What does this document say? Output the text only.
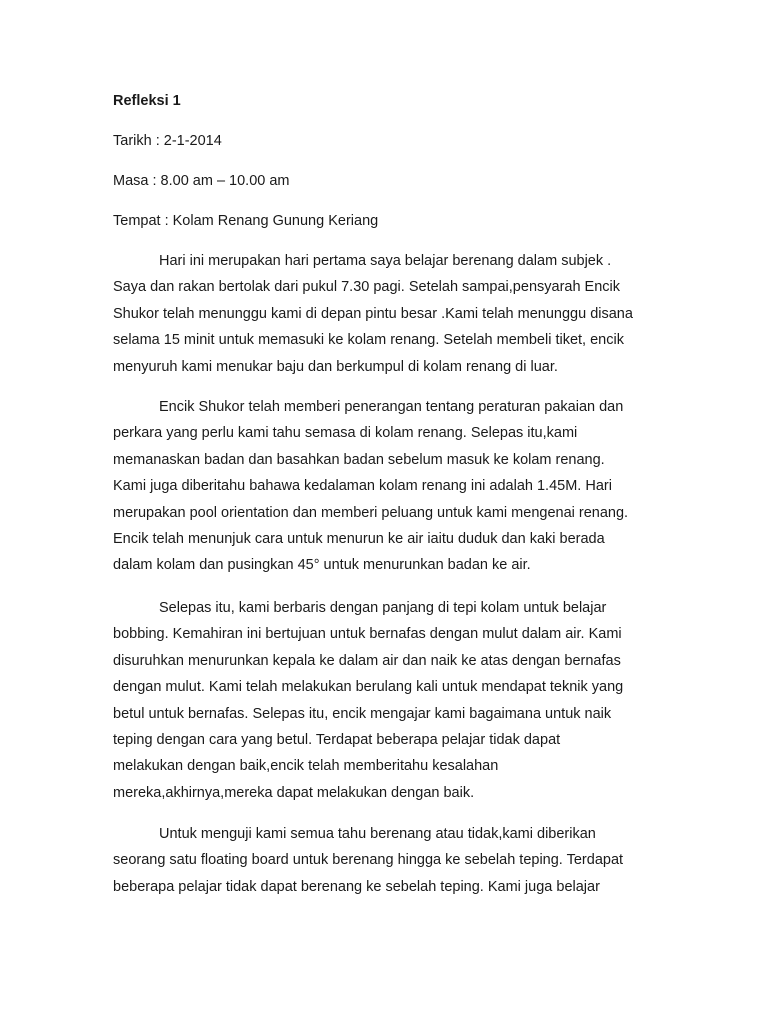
Refleksi 1

Tarikh : 2-1-2014

Masa : 8.00 am – 10.00 am

Tempat : Kolam Renang Gunung Keriang

Hari ini merupakan hari pertama saya belajar berenang dalam subjek .
Saya dan rakan bertolak dari pukul 7.30 pagi. Setelah sampai,pensyarah Encik
Shukor telah menunggu kami di depan pintu besar .Kami telah menunggu disana
selama 15 minit untuk memasuki ke kolam renang. Setelah membeli tiket, encik
menyuruh kami menukar baju dan berkumpul di kolam renang di luar.
Encik Shukor telah memberi penerangan tentang peraturan pakaian dan
perkara yang perlu kami tahu semasa di kolam renang. Selepas itu,kami
memanaskan badan dan basahkan badan sebelum masuk ke kolam renang.
Kami juga diberitahu bahawa kedalaman kolam renang ini adalah 1.45M. Hari
merupakan pool orientation dan memberi peluang untuk kami mengenai renang.
Encik telah menunjuk cara untuk menurun ke air iaitu duduk dan kaki berada
dalam kolam dan pusingkan 45° untuk menurunkan badan ke air.
Selepas itu, kami berbaris dengan panjang di tepi kolam untuk belajar
bobbing. Kemahiran ini bertujuan untuk bernafas dengan mulut dalam air. Kami
disuruhkan menurunkan kepala ke dalam air dan naik ke atas dengan bernafas
dengan mulut. Kami telah melakukan berulang kali untuk mendapat teknik yang
betul untuk bernafas. Selepas itu, encik mengajar kami bagaimana untuk naik
teping dengan cara yang betul. Terdapat beberapa pelajar tidak dapat
melakukan dengan baik,encik telah memberitahu kesalahan
mereka,akhirnya,mereka dapat melakukan dengan baik.
Untuk menguji kami semua tahu berenang atau tidak,kami diberikan
seorang satu floating board untuk berenang hingga ke sebelah teping. Terdapat
beberapa pelajar tidak dapat berenang ke sebelah teping. Kami juga belajar
